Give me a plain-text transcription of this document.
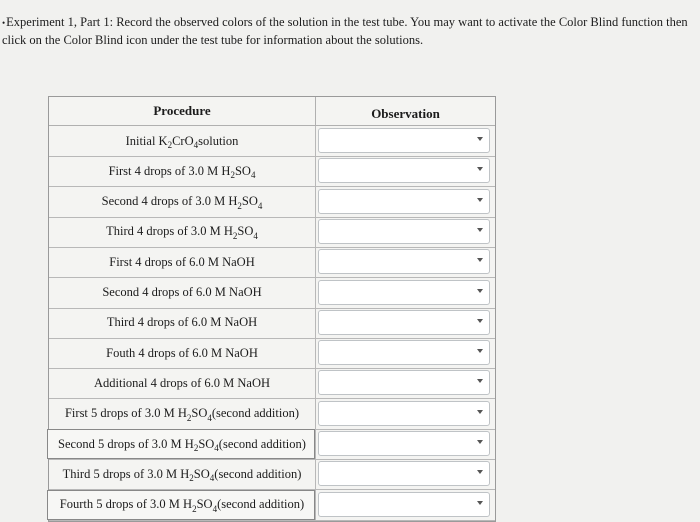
•Experiment 1, Part 1: Record the observed colors of the solution in the test tube. You may want to activate the Color Blind function then click on the Color Blind icon under the test tube for information about the solutions.
Procedure	Observation
Initial K 2 CrO 4 solution
First 4 drops of 3.0 M H 2 SO 4
Second 4 drops of 3.0 M H 2 SO 4
Third 4 drops of 3.0 M H 2 SO 4
First 4 drops of 6.0 M NaOH
Second 4 drops of 6.0 M NaOH
Third 4 drops of 6.0 M NaOH
Fouth 4 drops of 6.0 M NaOH
Additional 4 drops of 6.0 M NaOH
First 5 drops of 3.0 M H 2 SO 4 (second addition)
Second 5 drops of 3.0 M H 2 SO 4 (second addition)
Third 5 drops of 3.0 M H 2 SO 4 (second addition)
Fourth 5 drops of 3.0 M H 2 SO 4 (second addition)
